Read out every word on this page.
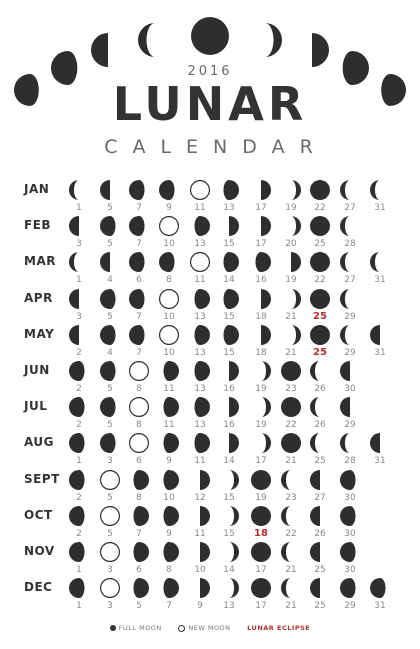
2016
LUNAR
CALENDAR
JAN
1	5	7	9	11	13	17	19	22	27	31
FEB
3	5	7	10	13	15	17	20	25	28
MAR
1	4	6	8	11	14	16	19	22	27	31
APR
3	5	7	10	13	15	18	21	25	29
MAY
2	4	7	10	13	15	18	21	25	29	31
JUN
2	5	8	11	13	16	19	23	26	30
JUL
2	5	8	11	13	16	19	22	26	29
AUG
1	3	6	9	11	14	17	21	25	28	31
SEPT
2	5	8	10	12	15	19	23	27	30
OCT
2	5	7	9	11	15	18	22	26	30
NOV
1	3	6	8	10	14	17	21	25	30
DEC
1	3	5	7	9	13	17	21	25	29	31
FULL MOON	NEW MOON	LUNAR ECLIPSE
